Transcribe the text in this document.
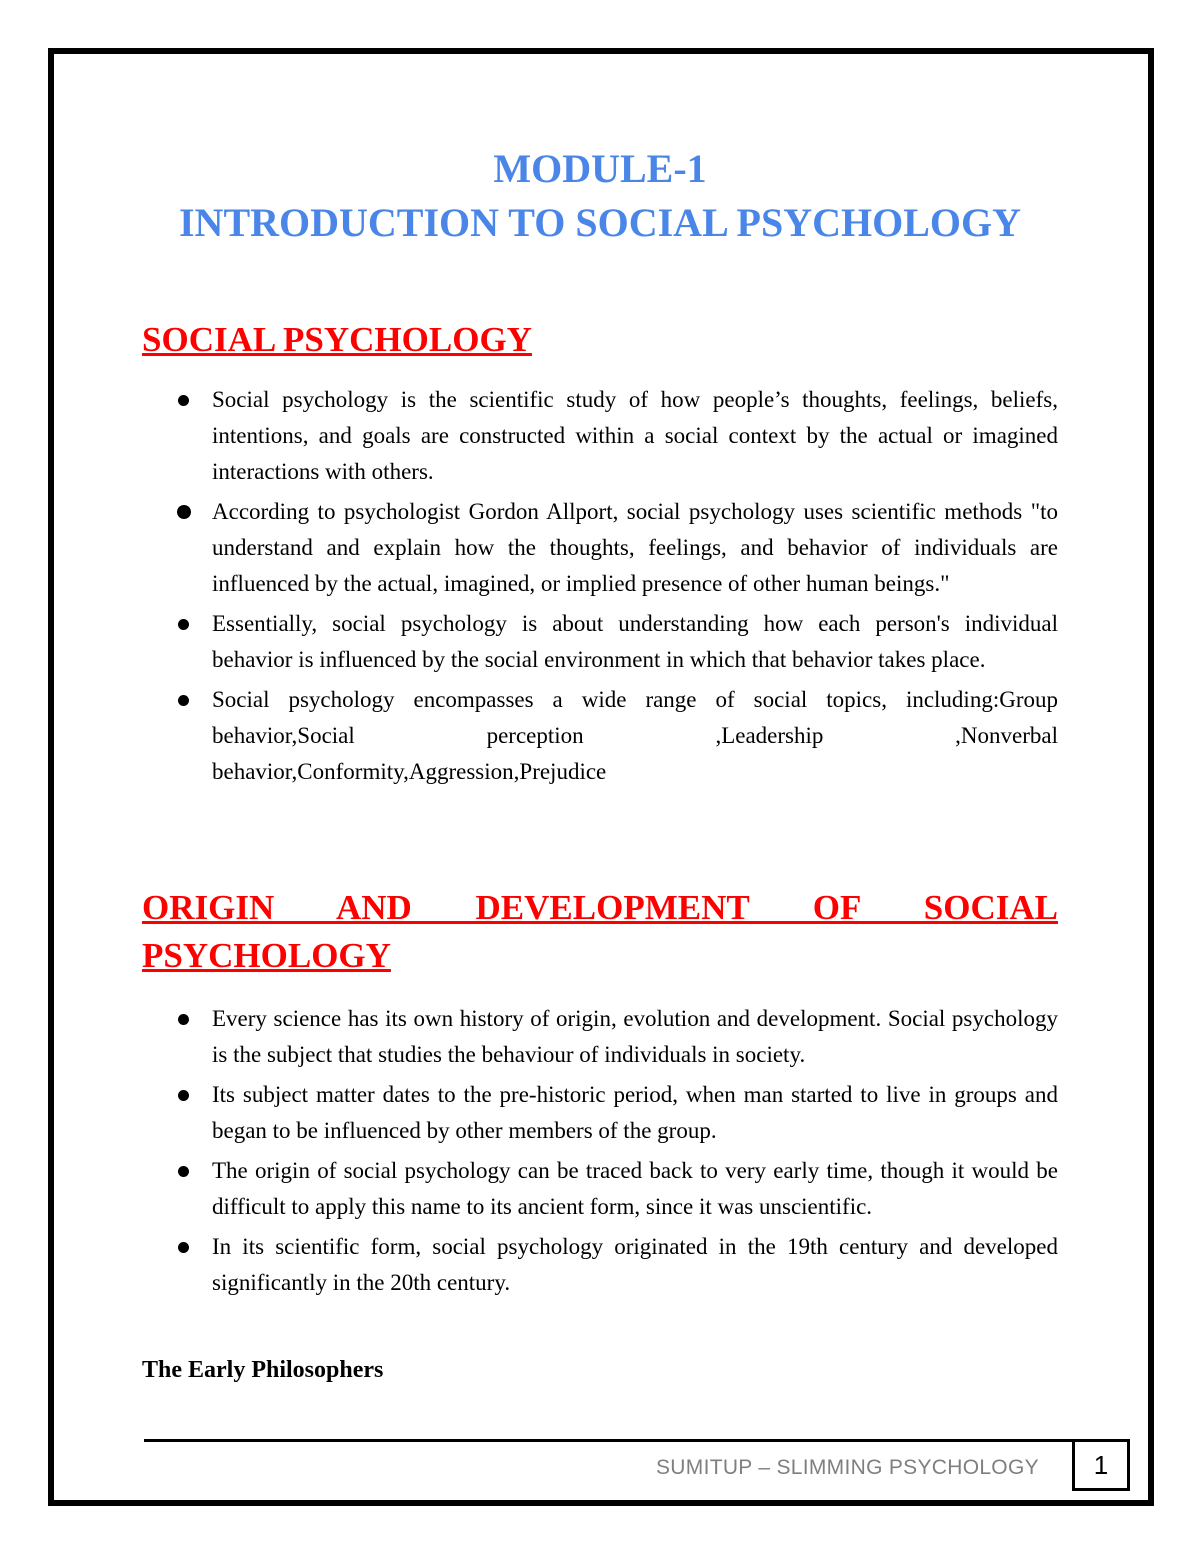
MODULE-1
INTRODUCTION TO SOCIAL PSYCHOLOGY
SOCIAL PSYCHOLOGY
Social psychology is the scientific study of how people’s thoughts, feelings, beliefs, intentions, and goals are constructed within a social context by the actual or imagined interactions with others.
According to psychologist Gordon Allport, social psychology uses scientific methods "to understand and explain how the thoughts, feelings, and behavior of individuals are influenced by the actual, imagined, or implied presence of other human beings."
Essentially, social psychology is about understanding how each person's individual behavior is influenced by the social environment in which that behavior takes place.
Social psychology encompasses a wide range of social topics, including:Group behavior,Social perception ,Leadership ,Nonverbal behavior,Conformity,Aggression,Prejudice
ORIGIN AND DEVELOPMENT OF SOCIAL PSYCHOLOGY
Every science has its own history of origin, evolution and development. Social psychology is the subject that studies the behaviour of individuals in society.
Its subject matter dates to the pre-historic period, when man started to live in groups and began to be influenced by other members of the group.
The origin of social psychology can be traced back to very early time, though it would be difficult to apply this name to its ancient form, since it was unscientific.
In its scientific form, social psychology originated in the 19th century and developed significantly in the 20th century.
The Early Philosophers
SUMITUP – SLIMMING PSYCHOLOGY	1
